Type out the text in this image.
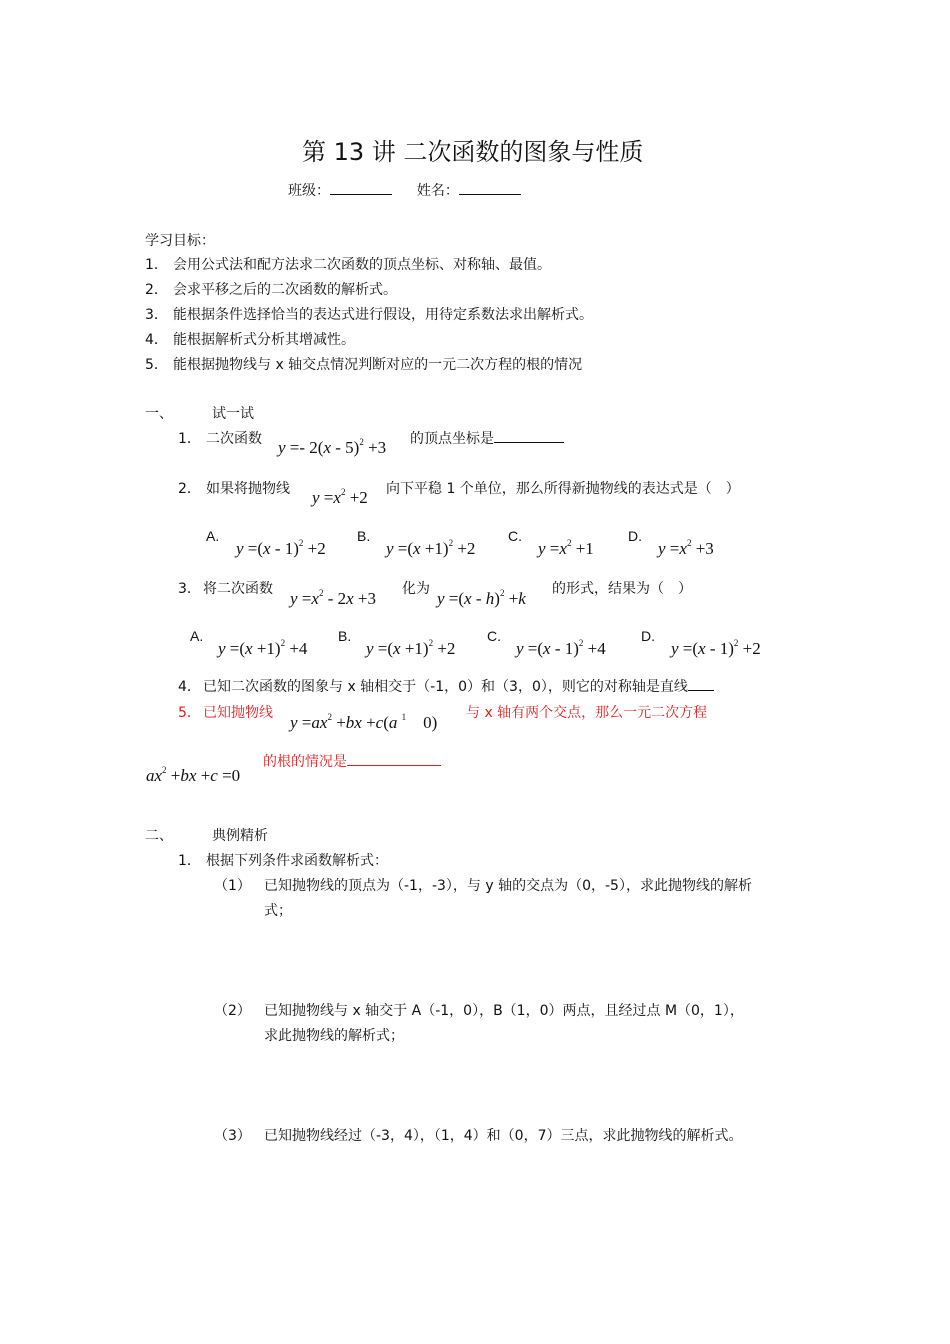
第 13 讲 二次函数的图象与性质
班级：	姓名：
学习目标：
1． 会用公式法和配方法求二次函数的顶点坐标、对称轴、最值。
2． 会求平移之后的二次函数的解析式。
3． 能根据条件选择恰当的表达式进行假设，用待定系数法求出解析式。
4． 能根据解析式分析其增减性。
5． 能根据抛物线与 x 轴交点情况判断对应的一元二次方程的根的情况
一、	试一试
1． 二次函数 y =- 2(x - 5)$^2$ +3 的顶点坐标是
2． 如果将抛物线 $y =x^2 +2$ 向下平稳 1 个单位，那么所得新抛物线的表达式是（　）
A.
y =(x - 1)$^2$ +2
B.
$y =(x +1)^2 +2$
C.
$y =x^2 +1$
D.
$y =x^2 +3$
3． 将二次函数 $y =x^2 - 2x +3$ 化为 y =(x - h)$^2$ +k 的形式，结果为（　）
A.
$y =(x +1)^2 +4$
B.
$y =(x +1)^2 +2$
C.
y =(x - 1)$^2$ +4
D.
y =(x - 1)$^2$ +2
4． 已知二次函数的图象与 x 轴相交于（-1，0）和（3，0），则它的对称轴是直线
5． 已知抛物线 $y =ax^2 +bx +c(a$ $^1$    0) 与 x 轴有两个交点，那么一元二次方程
$ax^2 +bx +c =0$
的根的情况是
二、	典例精析
1． 根据下列条件求函数解析式：
（1） 已知抛物线的顶点为（-1，-3），与 y 轴的交点为（0，-5），求此抛物线的解析
式；
（2） 已知抛物线与 x 轴交于 A（-1，0），B（1，0）两点，且经过点 M（0，1），
求此抛物线的解析式；
（3） 已知抛物线经过（-3，4），（1，4）和（0，7）三点，求此抛物线的解析式。
